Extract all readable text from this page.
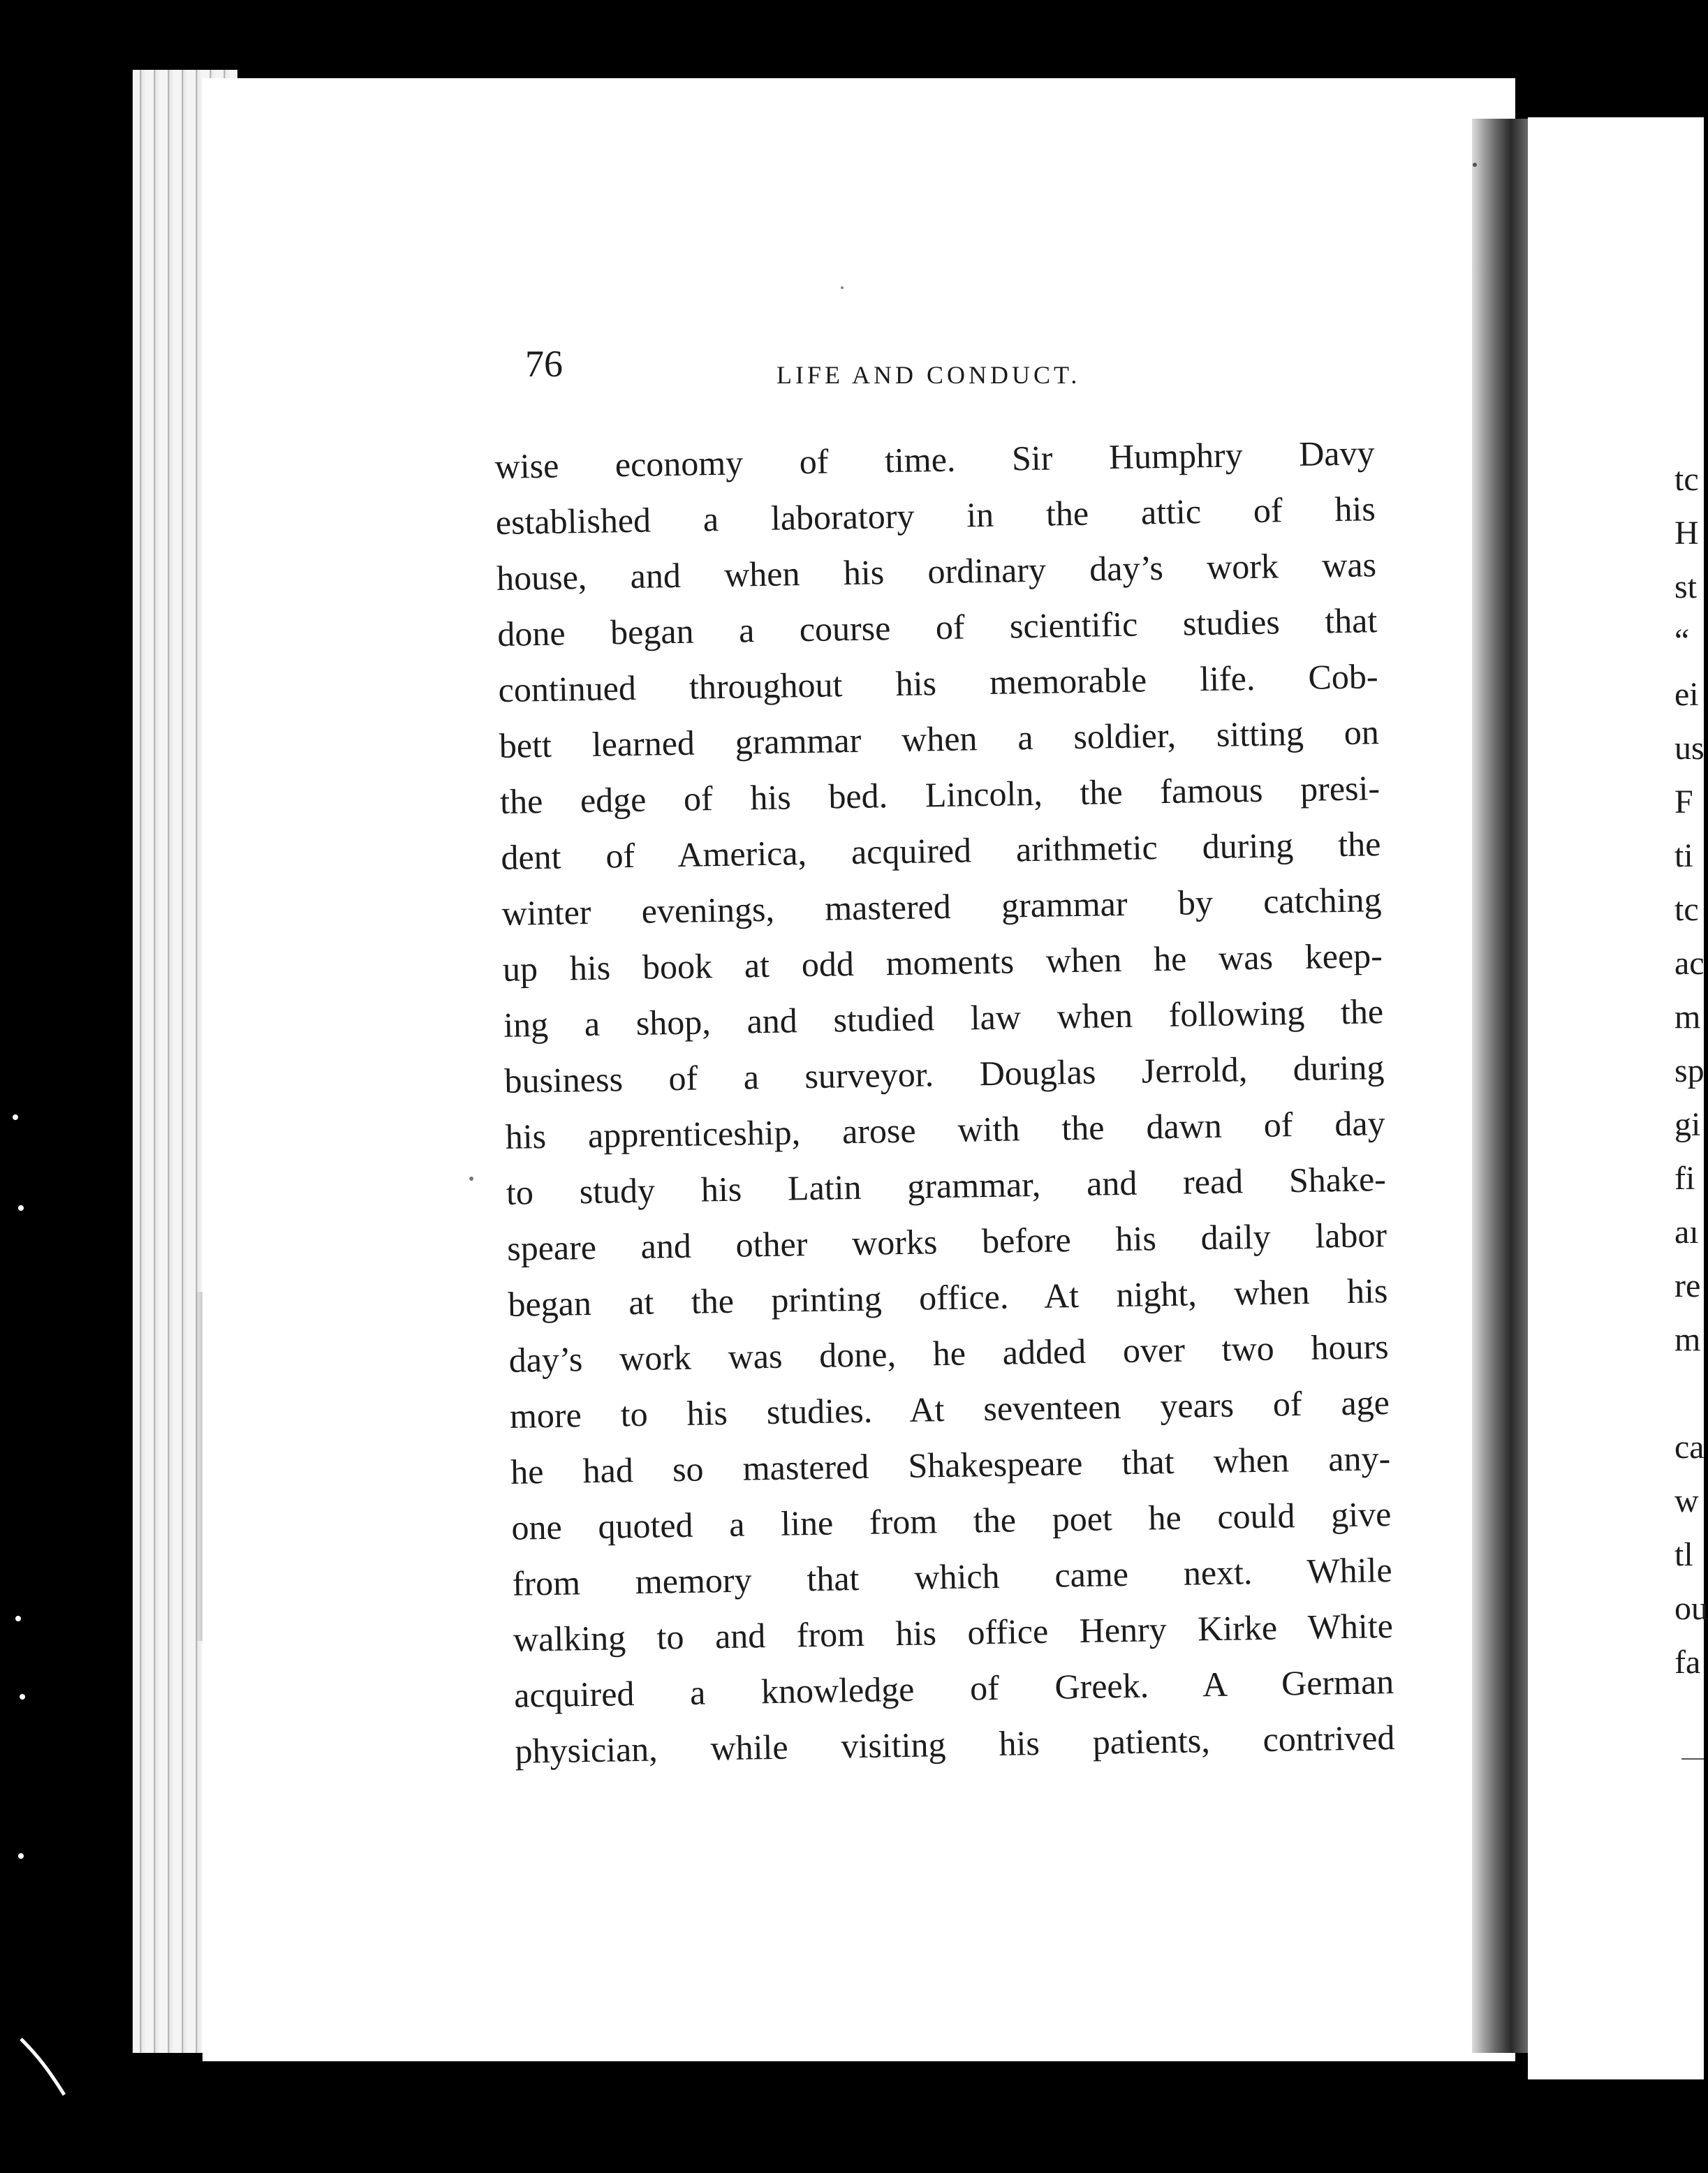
76	LIFE AND CONDUCT.
wise economy of time. Sir Humphry Davy
established a laboratory in the attic of his
house, and when his ordinary day’s work was
done began a course of scientific studies that
continued throughout his memorable life. Cob-
bett learned grammar when a soldier, sitting on
the edge of his bed. Lincoln, the famous presi-
dent of America, acquired arithmetic during the
winter evenings, mastered grammar by catching
up his book at odd moments when he was keep-
ing a shop, and studied law when following the
business of a surveyor. Douglas Jerrold, during
his apprenticeship, arose with the dawn of day
to study his Latin grammar, and read Shake-
speare and other works before his daily labor
began at the printing office. At night, when his
day’s work was done, he added over two hours
more to his studies. At seventeen years of age
he had so mastered Shakespeare that when any-
one quoted a line from the poet he could give
from memory that which came next. While
walking to and from his office Henry Kirke White
acquired a knowledge of Greek. A German
physician, while visiting his patients, contrived
tc
H
st
“
ei
us
F
ti
tc
ac
m
sp
gi
fi
aı
re
m
ca
w
tl
ou
fa
